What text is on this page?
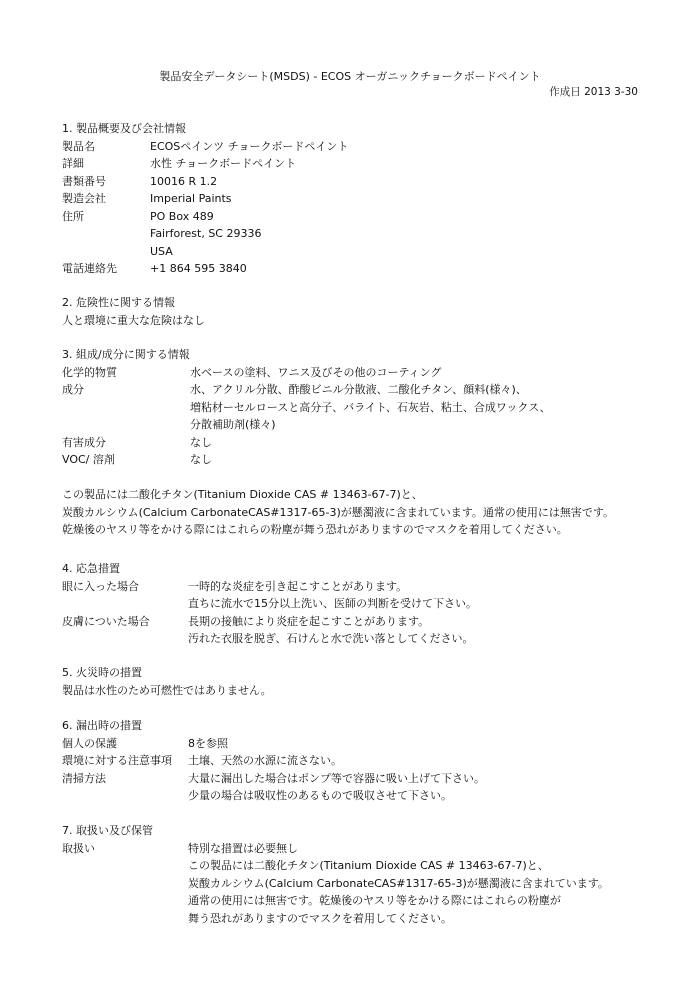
製品安全データシート(MSDS) - ECOS オーガニックチョークボードペイント
作成日 2013 3-30
1. 製品概要及び会社情報
製品名	ECOSペインツ チョークボードペイント
詳細	水性 チョークボードペイント
書類番号	10016 R 1.2
製造会社	Imperial Paints
住所	PO Box 489
Fairforest, SC 29336
USA
電話連絡先	+1 864 595 3840
2. 危険性に関する情報
人と環境に重大な危険はなし
3. 組成/成分に関する情報
化学的物質	水ベースの塗料、ワニス及びその他のコーティング
成分	水、アクリル分散、酢酸ビニル分散液、二酸化チタン、顔料(様々)、
増粘材ーセルロースと高分子、バライト、石灰岩、粘土、合成ワックス、
分散補助剤(様々)
有害成分	なし
VOC/ 溶剤	なし
この製品には二酸化チタン(Titanium Dioxide CAS # 13463-67-7)と、
炭酸カルシウム(Calcium CarbonateCAS#1317-65-3)が懸濁液に含まれています。通常の使用には無害です。
乾燥後のヤスリ等をかける際にはこれらの粉塵が舞う恐れがありますのでマスクを着用してください。
4. 応急措置
眼に入った場合	一時的な炎症を引き起こすことがあります。
直ちに流水で15分以上洗い、医師の判断を受けて下さい。
皮膚についた場合	長期の接触により炎症を起こすことがあります。
汚れた衣服を脱ぎ、石けんと水で洗い落としてください。
5. 火災時の措置
製品は水性のため可燃性ではありません。
6. 漏出時の措置
個人の保護	8を参照
環境に対する注意事項	土壌、天然の水源に流さない。
清掃方法	大量に漏出した場合はポンプ等で容器に吸い上げて下さい。
少量の場合は吸収性のあるもので吸収させて下さい。
7. 取扱い及び保管
取扱い	特別な措置は必要無し
この製品には二酸化チタン(Titanium Dioxide CAS # 13463-67-7)と、
炭酸カルシウム(Calcium CarbonateCAS#1317-65-3)が懸濁液に含まれています。
通常の使用には無害です。乾燥後のヤスリ等をかける際にはこれらの粉塵が
舞う恐れがありますのでマスクを着用してください。
